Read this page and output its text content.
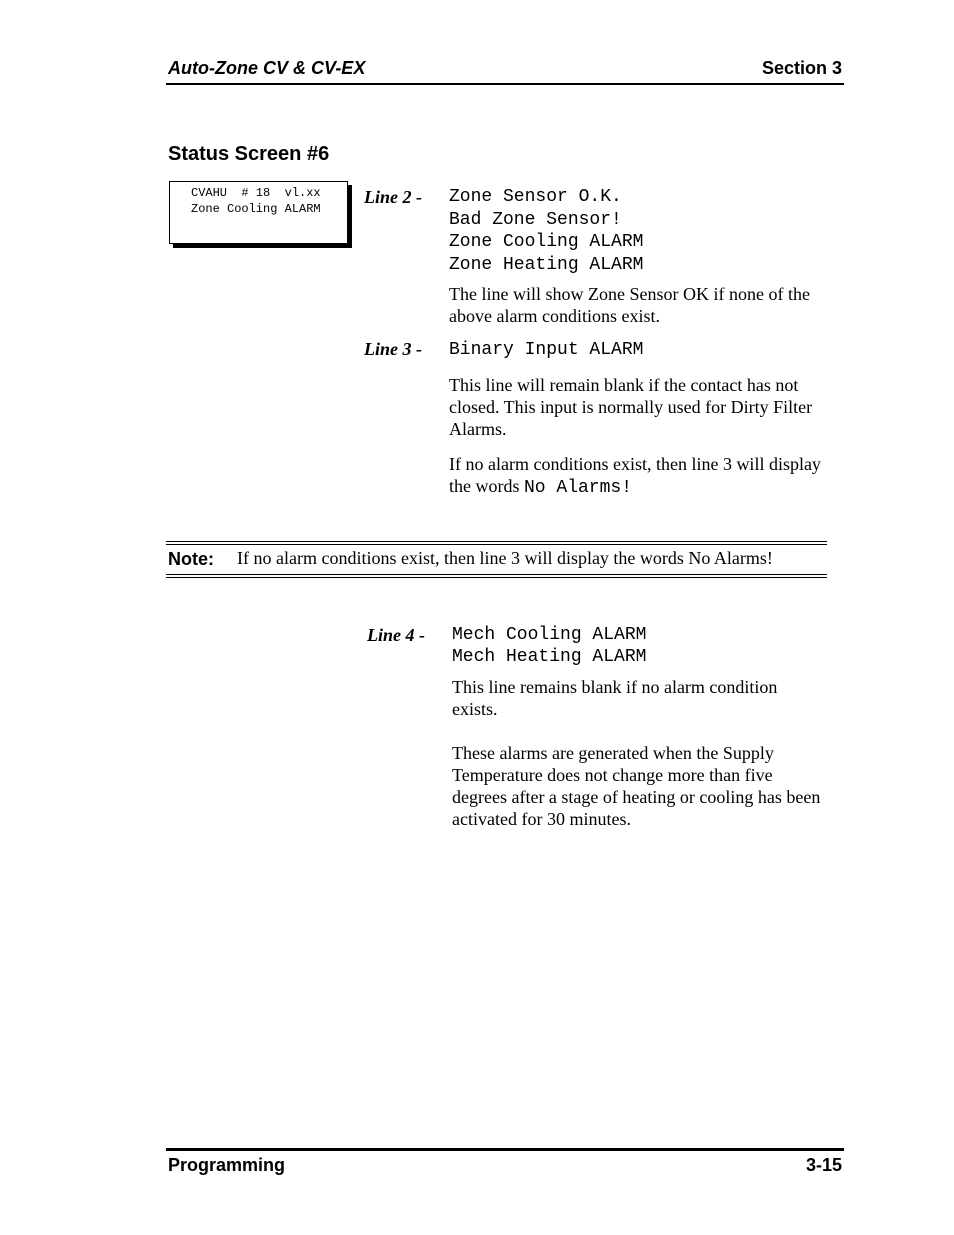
Auto-Zone CV & CV-EX	Section 3
Status Screen #6
CVAHU  # 18  vl.xx
Zone Cooling ALARM
Line 2 - Zone Sensor O.K.
Bad Zone Sensor!
Zone Cooling ALARM
Zone Heating ALARM
The line will show Zone Sensor OK if none of the
above alarm conditions exist.
Line 3 - Binary Input ALARM
This line will remain blank if the contact has not
closed. This input is normally used for Dirty Filter
Alarms.
If no alarm conditions exist, then line 3 will display
the words No Alarms!
Note: If no alarm conditions exist, then line 3 will display the words No Alarms!
Line 4 - Mech Cooling ALARM
Mech Heating ALARM
This line remains blank if no alarm condition
exists.
These alarms are generated when the Supply
Temperature does not change more than five
degrees after a stage of heating or cooling has been
activated for 30 minutes.
Programming	3-15
